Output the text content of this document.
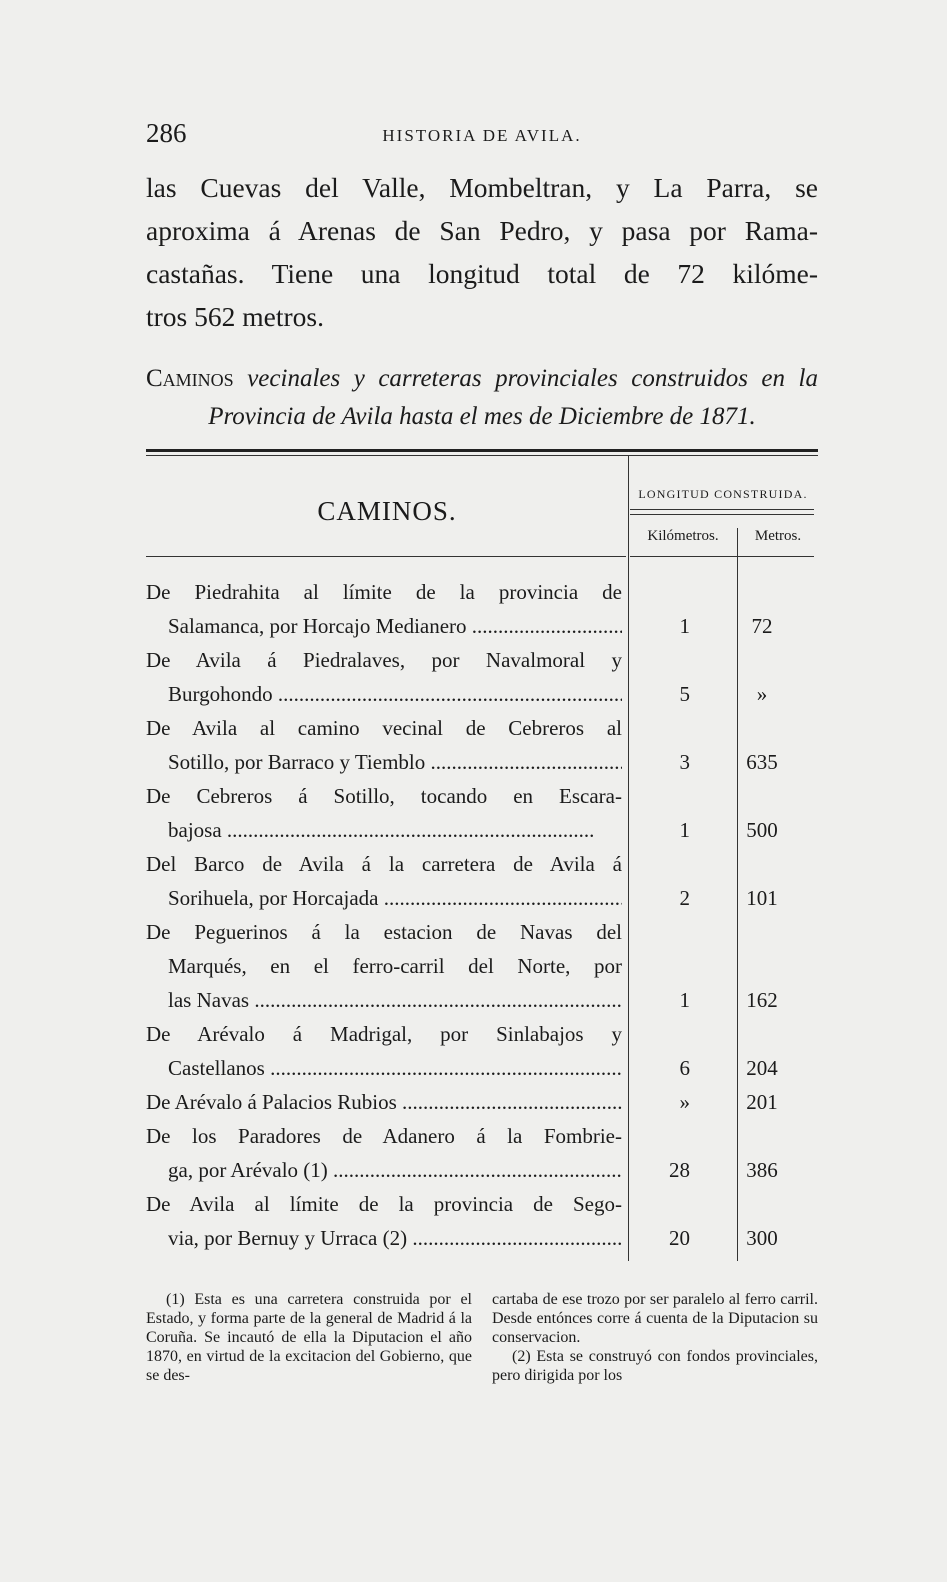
286	HISTORIA DE AVILA.
las Cuevas del Valle, Mombeltran, y La Parra, se
aproxima á Arenas de San Pedro, y pasa por Rama-
castañas. Tiene una longitud total de 72 kilóme-
tros 562 metros.
Caminos vecinales y carreteras provinciales construidos en la
Provincia de Avila hasta el mes de Diciembre de 1871.
CAMINOS.
LONGITUD CONSTRUIDA.
Kilómetros.	Metros.
De Piedrahita al límite de la provincia de
Salamanca, por Horcajo Medianero .....	1	72
De Avila á Piedralaves, por Navalmoral y
Burgohondo .....	5	»
De Avila al camino vecinal de Cebreros al
Sotillo, por Barraco y Tiemblo .....	3	635
De Cebreros á Sotillo, tocando en Escara-
bajosa .....	1	500
Del Barco de Avila á la carretera de Avila á
Sorihuela, por Horcajada .....	2	101
De Peguerinos á la estacion de Navas del
Marqués, en el ferro-carril del Norte, por
las Navas .....	1	162
De Arévalo á Madrigal, por Sinlabajos y
Castellanos .....	6	204
De Arévalo á Palacios Rubios .....	»	201
De los Paradores de Adanero á la Fombrie-
ga, por Arévalo (1) .....	28	386
De Avila al límite de la provincia de Sego-
via, por Bernuy y Urraca (2) .....	20	300

(1) Esta es una carretera construida por el Estado, y forma parte de la general de Madrid á la Coruña. Se incautó de ella la Diputacion el año 1870, en virtud de la excitacion del Gobierno, que se des-

cartaba de ese trozo por ser paralelo al ferro carril. Desde entónces corre á cuenta de la Diputacion su conservacion.

(2) Esta se construyó con fondos provinciales, pero dirigida por los
